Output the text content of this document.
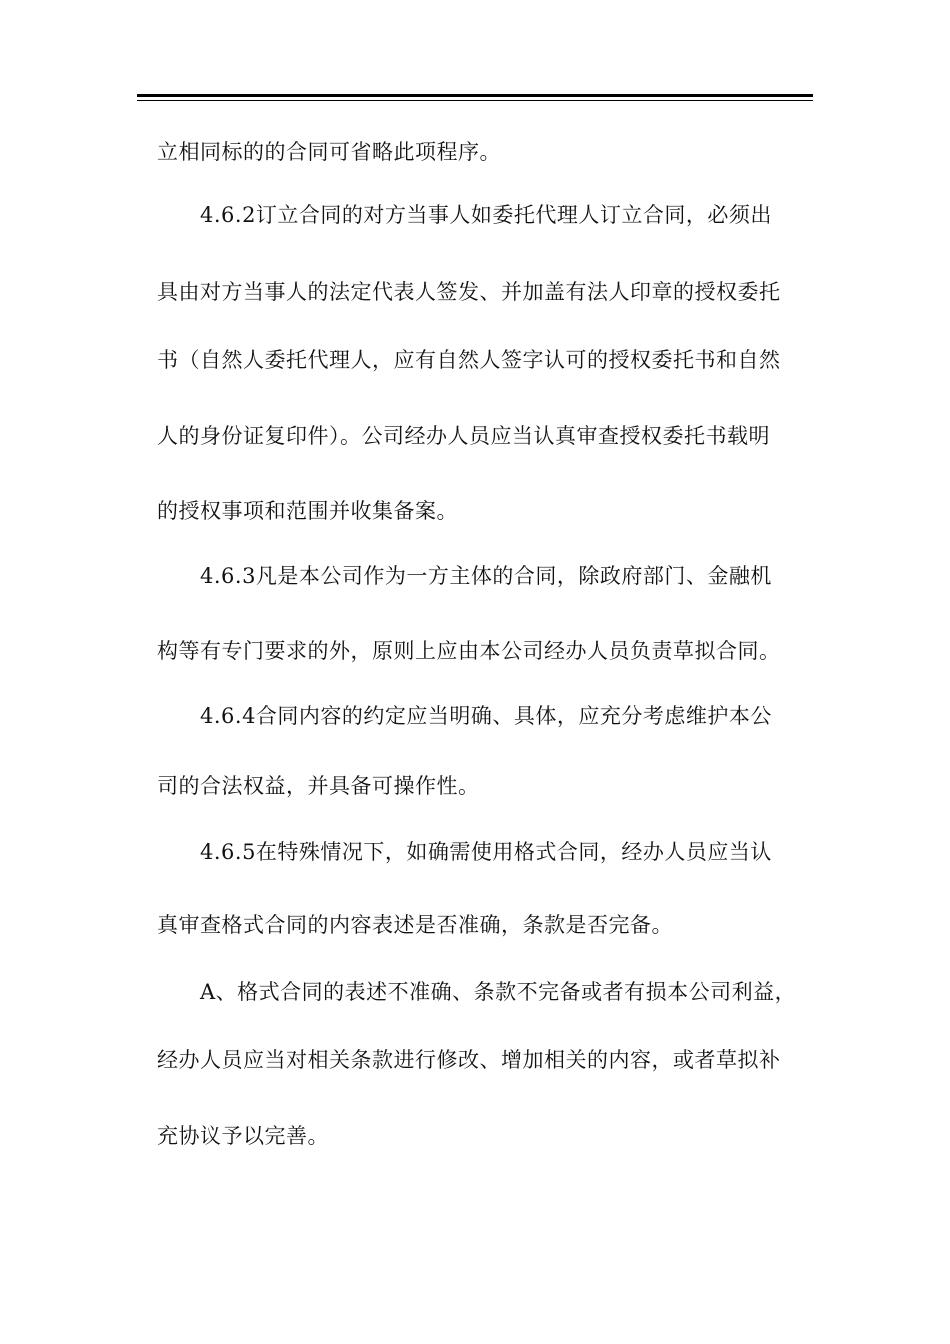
立相同标的的合同可省略此项程序。

4.6.2订立合同的对方当事人如委托代理人订立合同，必须出

具由对方当事人的法定代表人签发、并加盖有法人印章的授权委托

书（自然人委托代理人，应有自然人签字认可的授权委托书和自然

人的身份证复印件）。公司经办人员应当认真审查授权委托书载明

的授权事项和范围并收集备案。

4.6.3凡是本公司作为一方主体的合同，除政府部门、金融机

构等有专门要求的外，原则上应由本公司经办人员负责草拟合同。

4.6.4合同内容的约定应当明确、具体，应充分考虑维护本公

司的合法权益，并具备可操作性。

4.6.5在特殊情况下，如确需使用格式合同，经办人员应当认

真审查格式合同的内容表述是否准确，条款是否完备。

A、格式合同的表述不准确、条款不完备或者有损本公司利益，

经办人员应当对相关条款进行修改、增加相关的内容，或者草拟补

充协议予以完善。
